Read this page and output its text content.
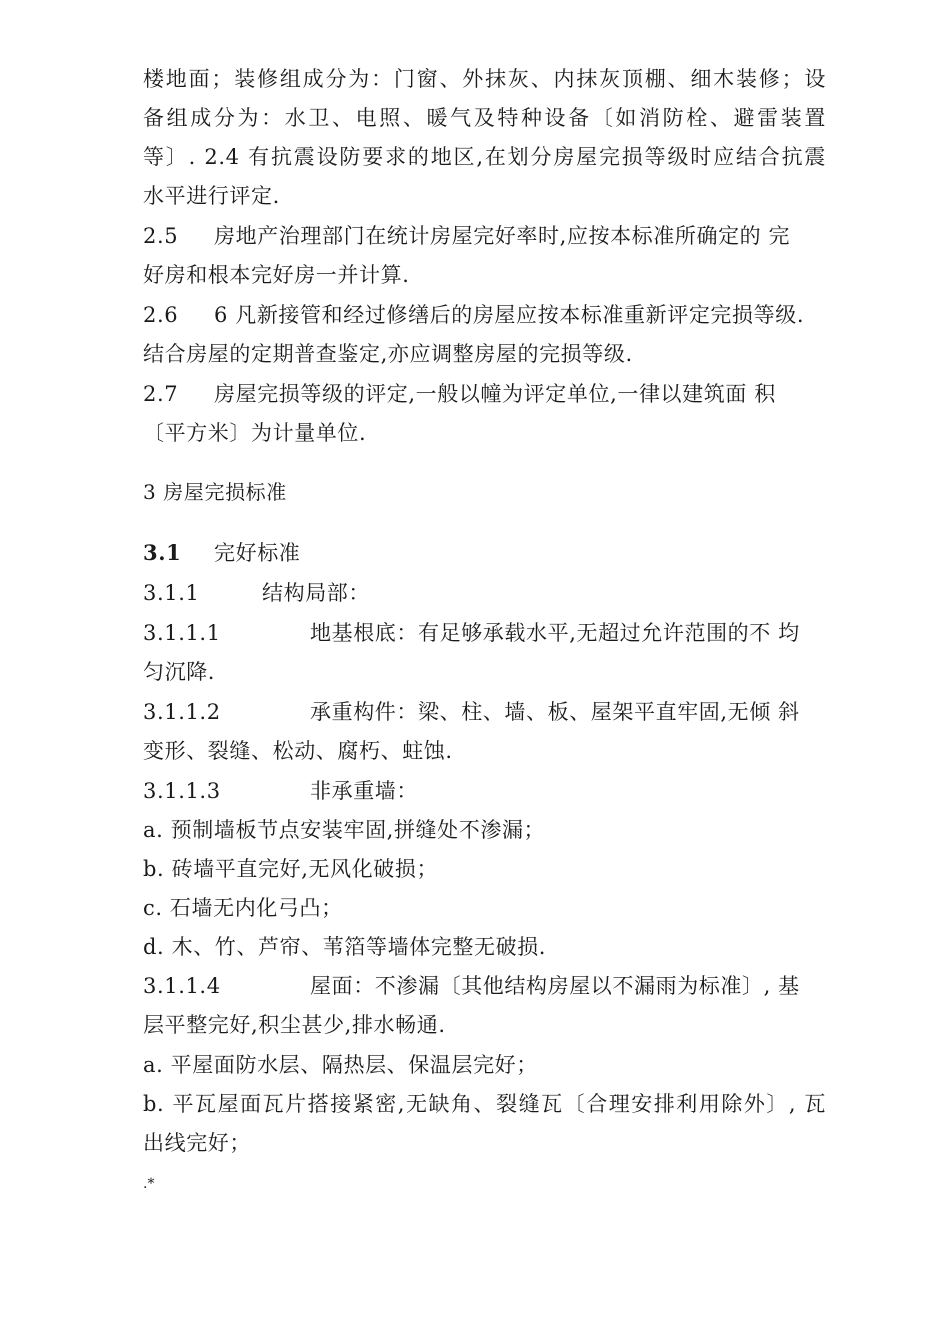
楼地面；装修组成分为：门窗、外抹灰、内抹灰顶棚、细木装修；设
备组成分为：水卫、电照、暖气及特种设备〔如消防栓、避雷装置
等〕. 2.4 有抗震设防要求的地区,在划分房屋完损等级时应结合抗震
水平进行评定.
2.5 房地产治理部门在统计房屋完好率时,应按本标准所确定的 完
好房和根本完好房一并计算.
2.6 6 凡新接管和经过修缮后的房屋应按本标准重新评定完损等级.
结合房屋的定期普查鉴定,亦应调整房屋的完损等级.
2.7 房屋完损等级的评定,一般以幢为评定单位,一律以建筑面 积
〔平方米〕为计量单位.
3 房屋完损标准
3.1 完好标准
3.1.1	结构局部：
3.1.1.1	地基根底：有足够承载水平,无超过允许范围的不 均
匀沉降.
3.1.1.2	承重构件：梁、柱、墙、板、屋架平直牢固,无倾 斜
变形、裂缝、松动、腐朽、蛀蚀.
3.1.1.3	非承重墙：
a. 预制墙板节点安装牢固,拼缝处不渗漏；
b. 砖墙平直完好,无风化破损；
c. 石墙无内化弓凸；
d. 木、竹、芦帘、苇箔等墙体完整无破损.
3.1.1.4	屋面：不渗漏〔其他结构房屋以不漏雨为标准〕, 基
层平整完好,积尘甚少,排水畅通.
a. 平屋面防水层、隔热层、保温层完好；
b. 平瓦屋面瓦片搭接紧密,无缺角、裂缝瓦〔合理安排利用除外〕, 瓦
出线完好；
.*
